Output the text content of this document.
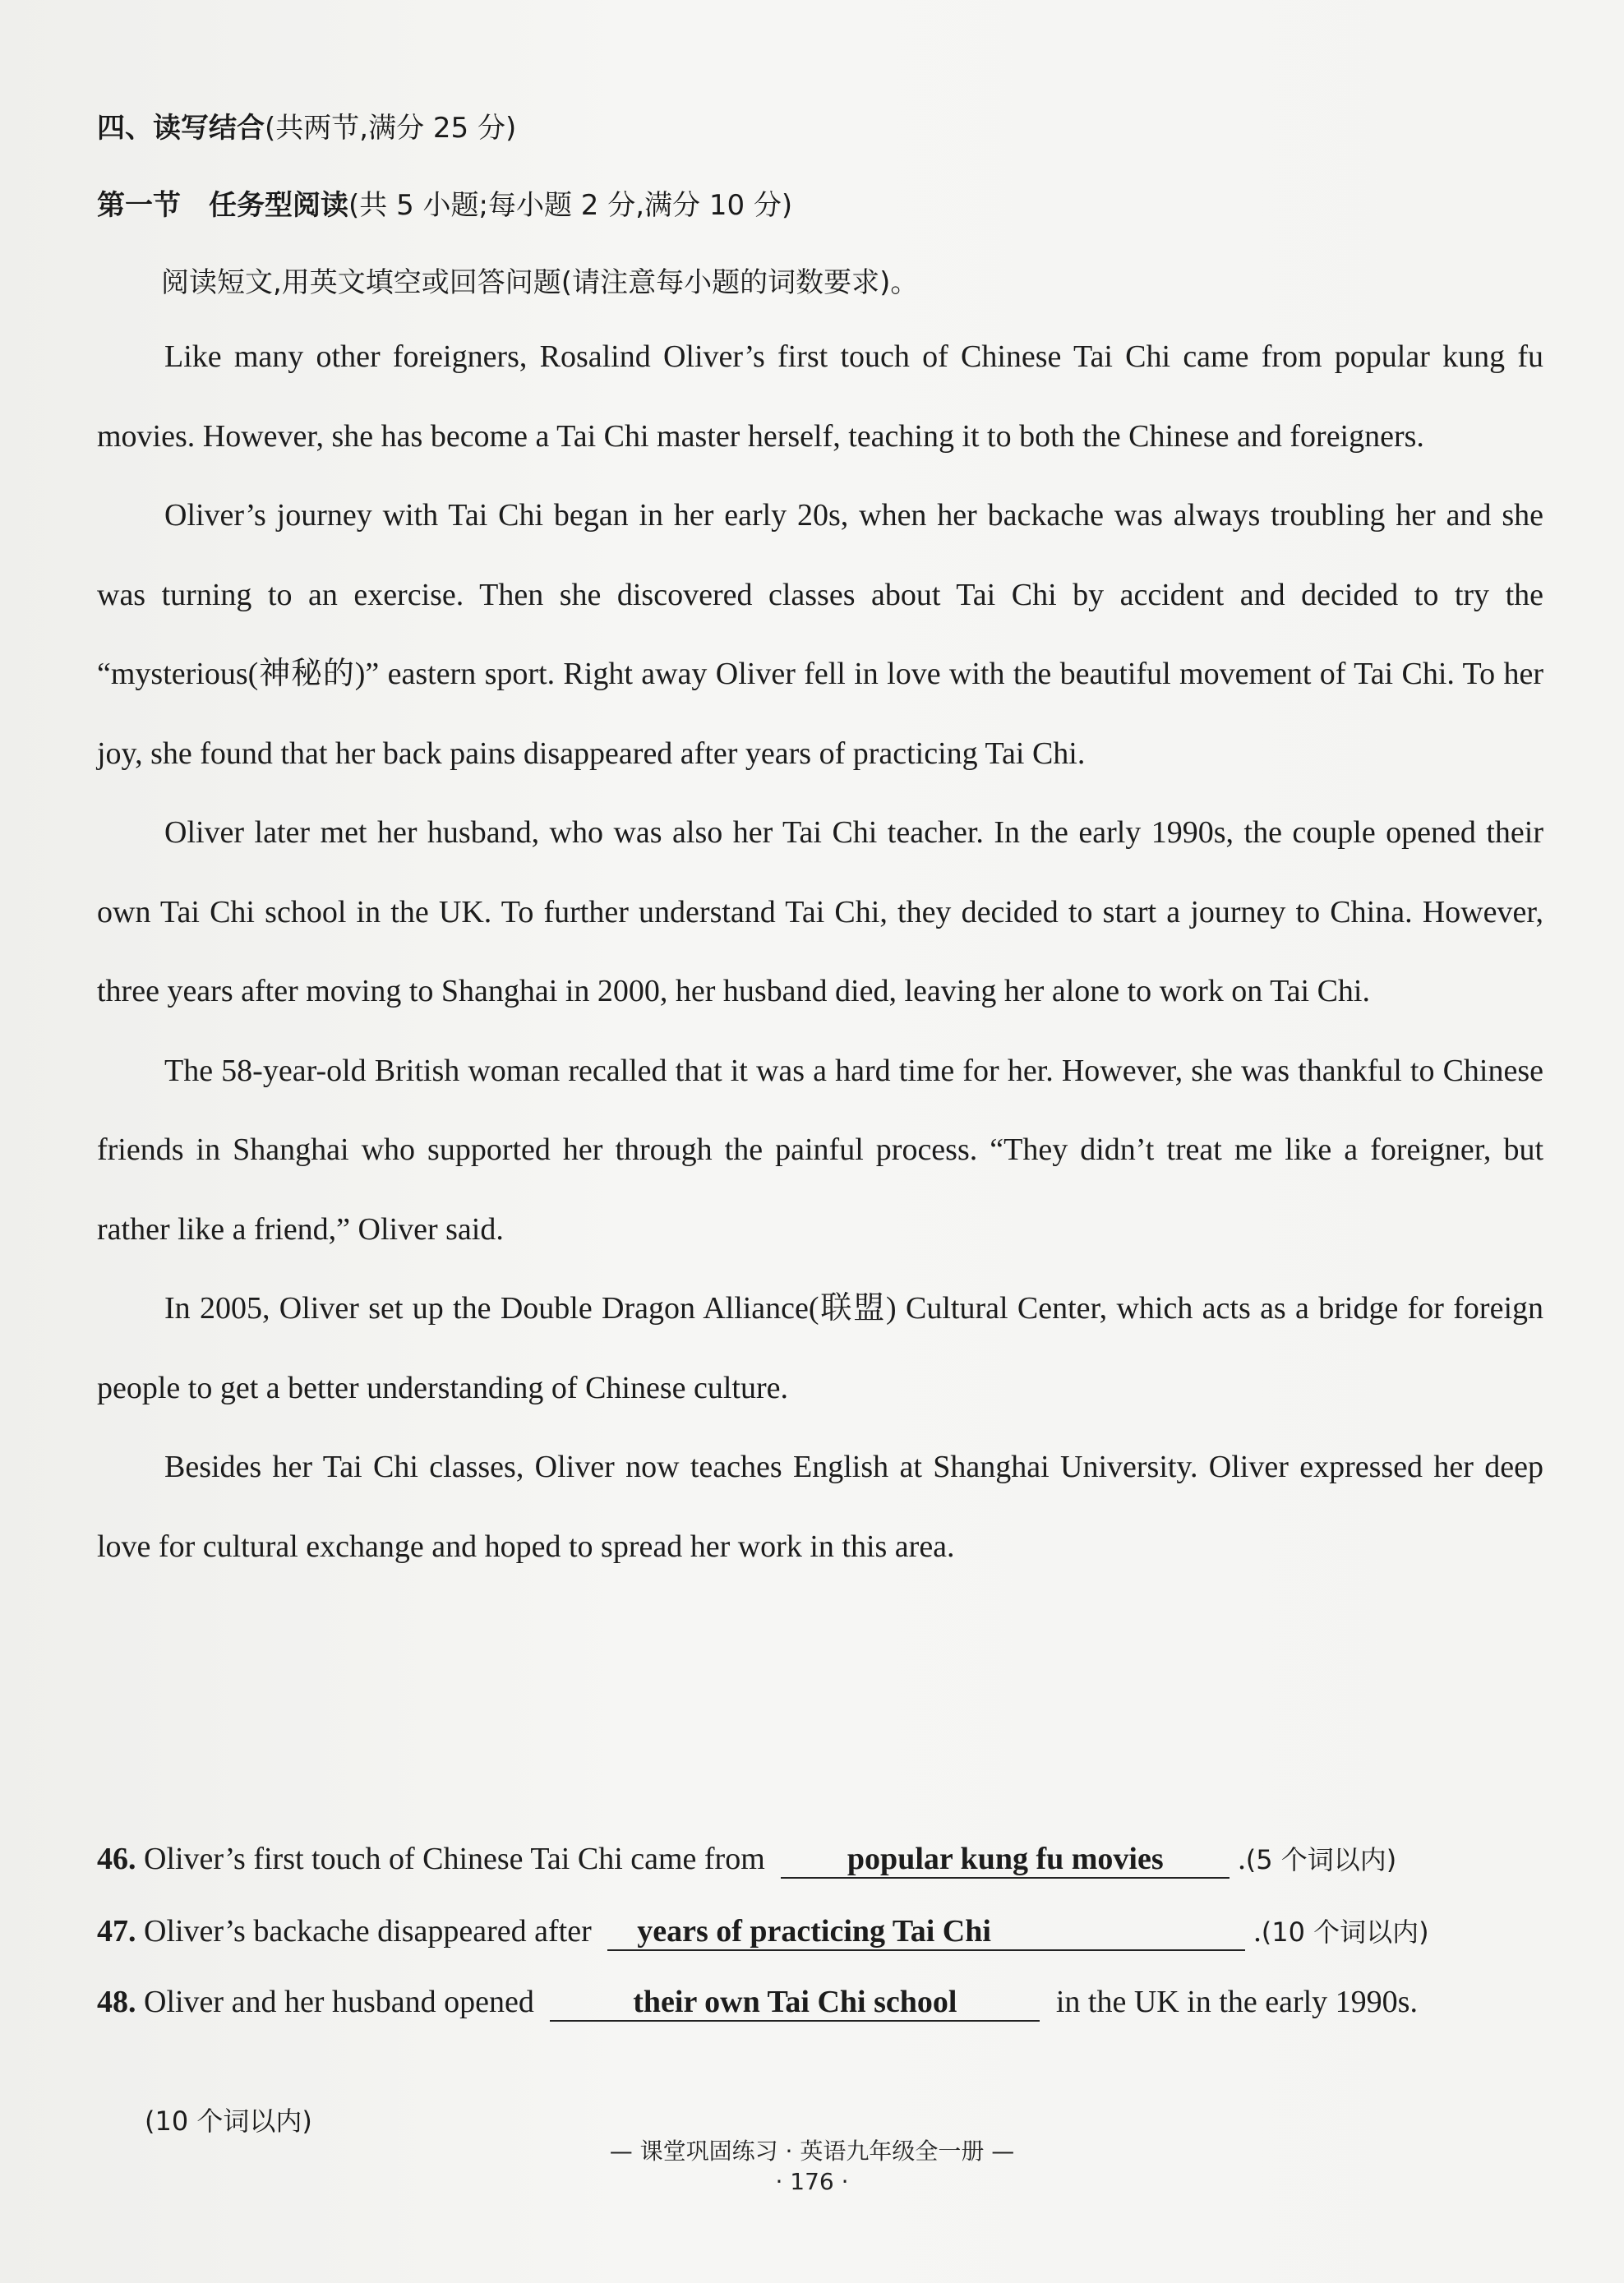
四、读写结合(共两节,满分 25 分)
第一节　任务型阅读(共 5 小题;每小题 2 分,满分 10 分)
阅读短文,用英文填空或回答问题(请注意每小题的词数要求)。

Like many other foreigners, Rosalind Oliver’s first touch of Chinese Tai Chi came from popular kung fu movies. However, she has become a Tai Chi master herself, teaching it to both the Chinese and foreigners.

Oliver’s journey with Tai Chi began in her early 20s, when her backache was always troubling her and she was turning to an exercise. Then she discovered classes about Tai Chi by accident and decided to try the “mysterious(神秘的)” eastern sport. Right away Oliver fell in love with the beautiful movement of Tai Chi. To her joy, she found that her back pains disappeared after years of practicing Tai Chi.

Oliver later met her husband, who was also her Tai Chi teacher. In the early 1990s, the couple opened their own Tai Chi school in the UK. To further understand Tai Chi, they decided to start a journey to China. However, three years after moving to Shanghai in 2000, her husband died, leaving her alone to work on Tai Chi.

The 58-year-old British woman recalled that it was a hard time for her. However, she was thankful to Chinese friends in Shanghai who supported her through the painful process. “They didn’t treat me like a foreigner, but rather like a friend,” Oliver said.

In 2005, Oliver set up the Double Dragon Alliance(联盟) Cultural Center, which acts as a bridge for foreign people to get a better understanding of Chinese culture.

Besides her Tai Chi classes, Oliver now teaches English at Shanghai University. Oliver expressed her deep love for cultural exchange and hoped to spread her work in this area.

46. Oliver’s first touch of Chinese Tai Chi came from	popular kung fu movies .(5 个词以内)
47. Oliver’s backache disappeared after years of practicing Tai Chi	.(10 个词以内)
48. Oliver and her husband opened	their own Tai Chi school	in the UK in the early 1990s.
(10 个词以内)
— 课堂巩固练习 · 英语九年级全一册 —
· 176 ·
